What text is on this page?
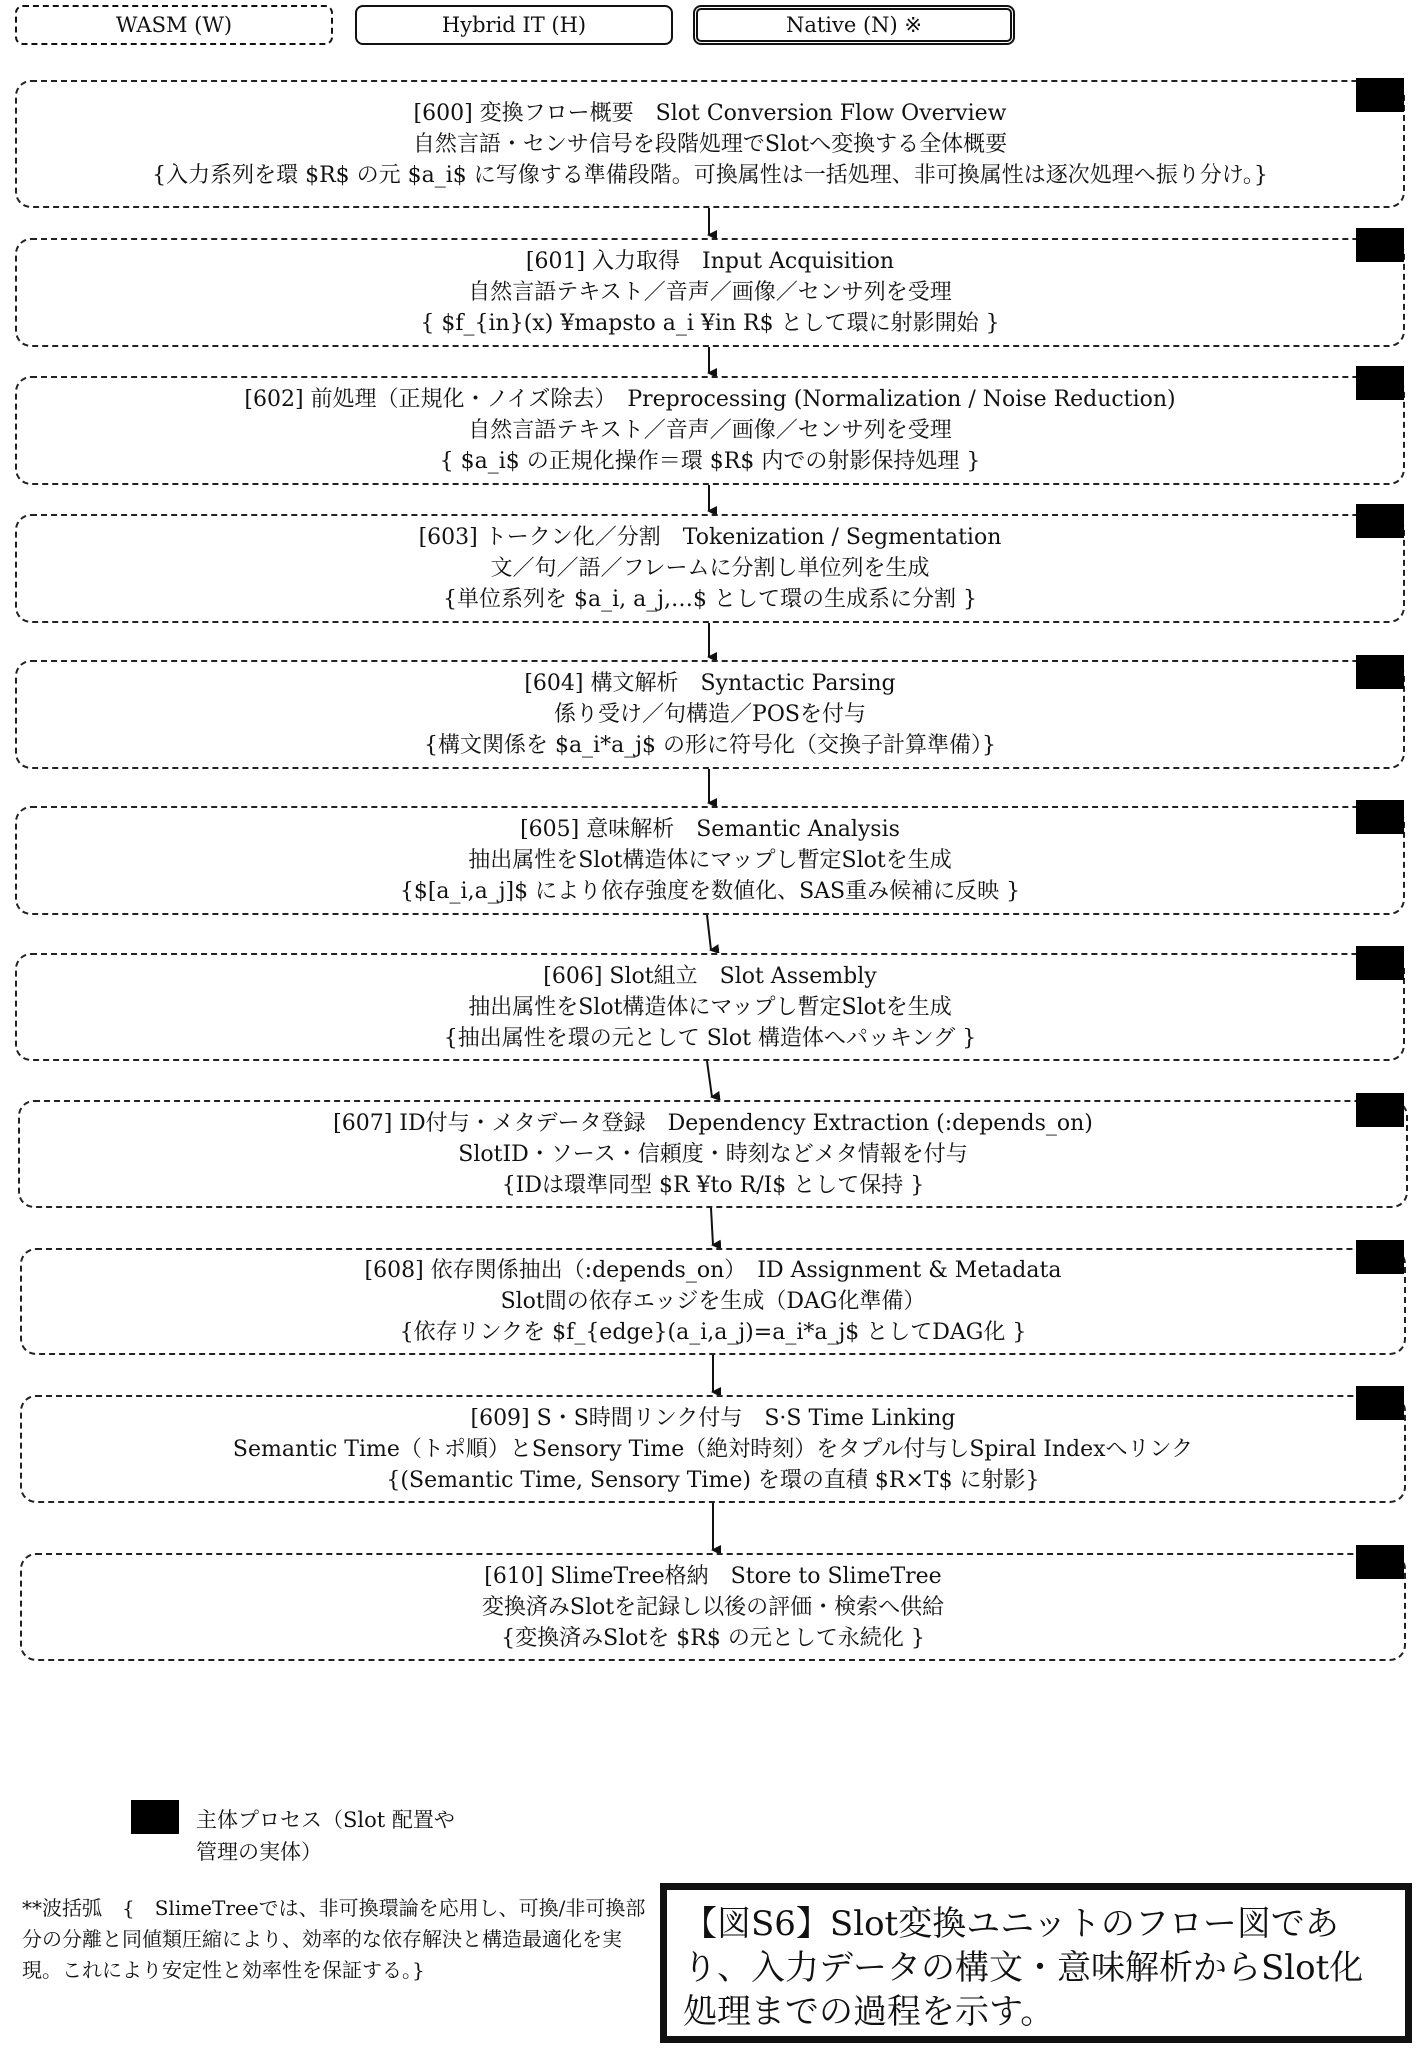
WASM (W)	Hybrid IT (H)	Native (N) ※
[600] 変換フロー概要　Slot Conversion Flow Overview
自然言語・センサ信号を段階処理でSlotへ変換する全体概要
{入力系列を環 $R$ の元 $a_i$ に写像する準備段階。可換属性は一括処理、非可換属性は逐次処理へ振り分け。}
[601] 入力取得　Input Acquisition
自然言語テキスト／音声／画像／センサ列を受理
{ $f_{in}(x) ¥mapsto a_i ¥in R$ として環に射影開始 }
[602] 前処理（正規化・ノイズ除去）　Preprocessing (Normalization / Noise Reduction)
自然言語テキスト／音声／画像／センサ列を受理
{ $a_i$ の正規化操作＝環 $R$ 内での射影保持処理 }
[603] トークン化／分割　Tokenization / Segmentation
文／句／語／フレームに分割し単位列を生成
{単位系列を $a_i, a_j,…$ として環の生成系に分割 }
[604] 構文解析　Syntactic Parsing
係り受け／句構造／POSを付与
{構文関係を $a_i*a_j$ の形に符号化（交換子計算準備）}
[605] 意味解析　Semantic Analysis
抽出属性をSlot構造体にマップし暫定Slotを生成
{$[a_i,a_j]$ により依存強度を数値化、SAS重み候補に反映 }
[606] Slot組立　Slot Assembly
抽出属性をSlot構造体にマップし暫定Slotを生成
{抽出属性を環の元として Slot 構造体へパッキング }
[607] ID付与・メタデータ登録　Dependency Extraction (:depends_on)
SlotID・ソース・信頼度・時刻などメタ情報を付与
{IDは環準同型 $R ¥to R/I$ として保持 }
[608] 依存関係抽出（:depends_on）　ID Assignment & Metadata
Slot間の依存エッジを生成（DAG化準備）
{依存リンクを $f_{edge}(a_i,a_j)=a_i*a_j$ としてDAG化 }
[609] S・S時間リンク付与　S·S Time Linking
Semantic Time（トポ順）とSensory Time（絶対時刻）をタプル付与しSpiral Indexへリンク
{(Semantic Time, Sensory Time) を環の直積 $R×T$ に射影}
[610] SlimeTree格納　Store to SlimeTree
変換済みSlotを記録し以後の評価・検索へ供給
{変換済みSlotを $R$ の元として永続化 }
主体プロセス（Slot 配置や管理の実体）
**波括弧　{　SlimeTreeでは、非可換環論を応用し、可換/非可換部分の分離と同値類圧縮により、効率的な依存解決と構造最適化を実現。これにより安定性と効率性を保証する。}
【図S6】Slot変換ユニットのフロー図であり、入力データの構文・意味解析からSlot化処理までの過程を示す。
